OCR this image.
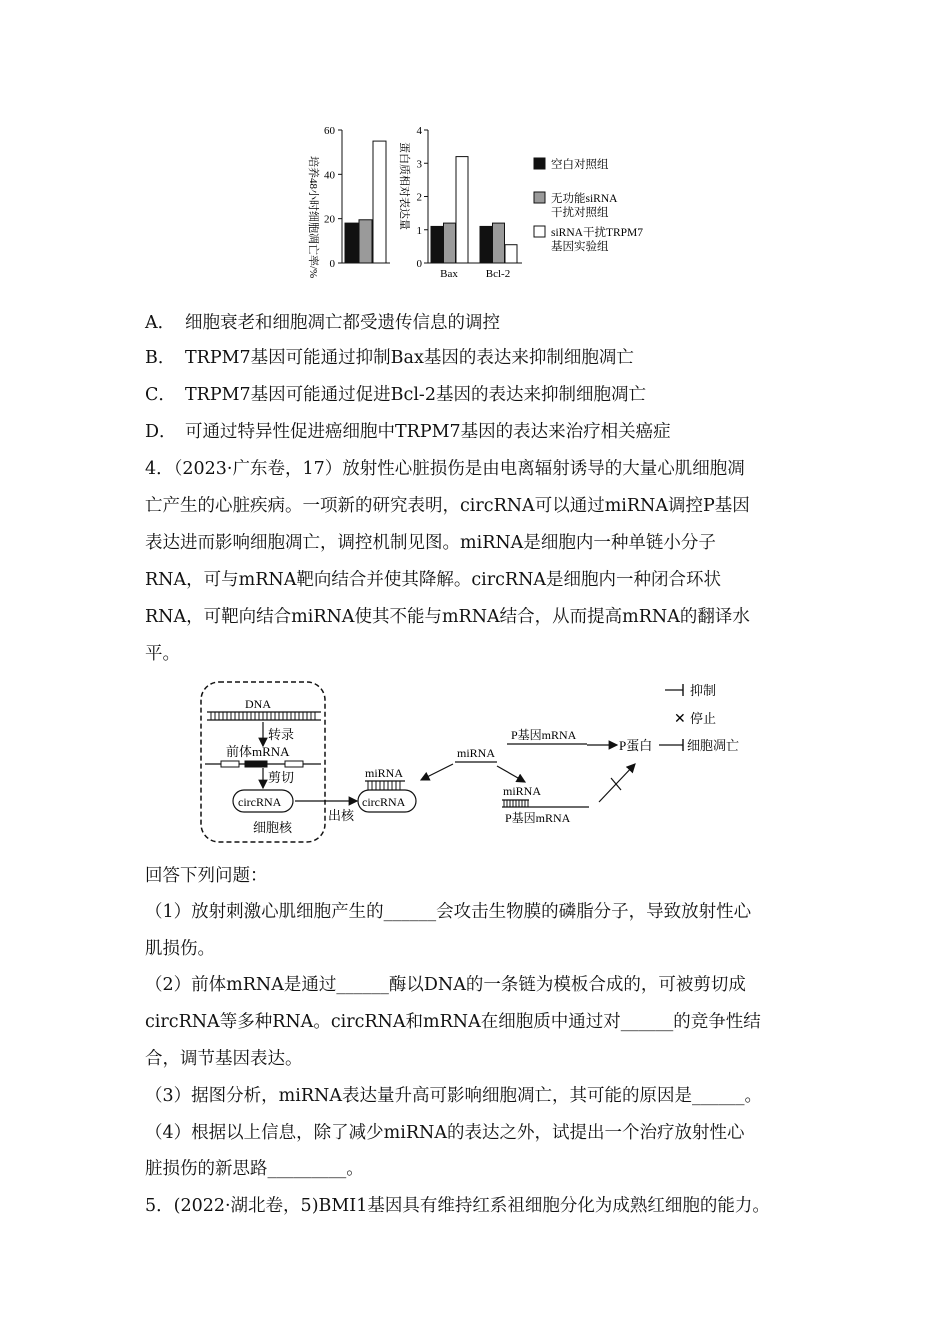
培养48小时细胞凋亡率/% 0
20
40
60
蛋白质相对表达量
0
1
2
3
4
Bax	Bcl-2
空白对照组
无功能siRNA
干扰对照组
siRNA干扰TRPM7
基因实验组
A． 细胞衰老和细胞凋亡都受遗传信息的调控
B． TRPM7基因可能通过抑制Bax基因的表达来抑制细胞凋亡
C． TRPM7基因可能通过促进Bcl-2基因的表达来抑制细胞凋亡
D． 可通过特异性促进癌细胞中TRPM7基因的表达来治疗相关癌症
4．（2023·广东卷，17）放射性心脏损伤是由电离辐射诱导的大量心肌细胞凋
亡产生的心脏疾病。一项新的研究表明，circRNA可以通过miRNA调控P基因
表达进而影响细胞凋亡，调控机制见图。miRNA是细胞内一种单链小分子
RNA，可与mRNA靶向结合并使其降解。circRNA是细胞内一种闭合环状
RNA，可靶向结合miRNA使其不能与mRNA结合，从而提高mRNA的翻译水
平。
细胞核
DNA
转录
前体mRNA
剪切
circRNA
出核
miRNA
circRNA
miRNA
P基因mRNA
P蛋白	细胞凋亡
miRNA
P基因mRNA
抑制
✕ 停止
回答下列问题：
（1）放射刺激心肌细胞产生的______会攻击生物膜的磷脂分子，导致放射性心
肌损伤。
（2）前体mRNA是通过______酶以DNA的一条链为模板合成的，可被剪切成
circRNA等多种RNA。circRNA和mRNA在细胞质中通过对______的竞争性结
合，调节基因表达。
（3）据图分析，miRNA表达量升高可影响细胞凋亡，其可能的原因是______。
（4）根据以上信息，除了减少miRNA的表达之外，试提出一个治疗放射性心
脏损伤的新思路_________。
5．(2022·湖北卷，5)BMI1基因具有维持红系祖细胞分化为成熟红细胞的能力。
